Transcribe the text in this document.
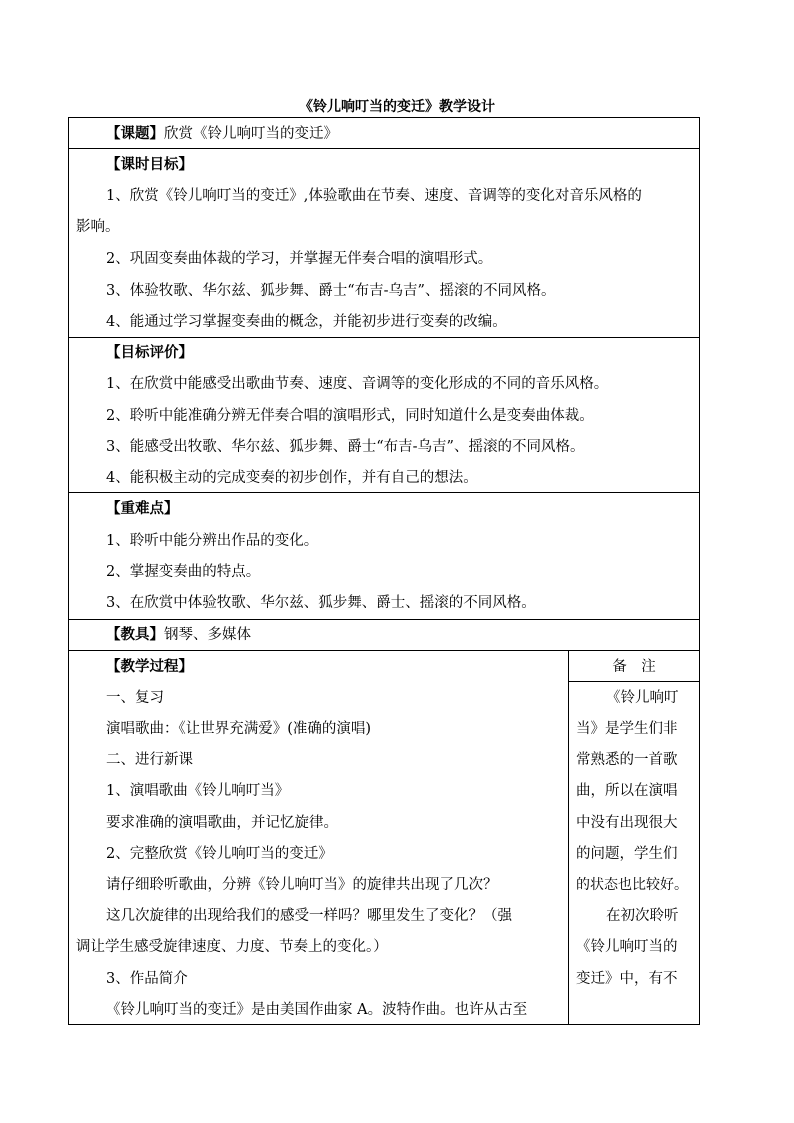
《铃儿响叮当的变迁》教学设计
【课题】欣赏《铃儿响叮当的变迁》
【课时目标】
1、欣赏《铃儿响叮当的变迁》,体验歌曲在节奏、速度、音调等的变化对音乐风格的
影响。
2、巩固变奏曲体裁的学习，并掌握无伴奏合唱的演唱形式。
3、体验牧歌、华尔兹、狐步舞、爵士“布吉-乌吉”、摇滚的不同风格。
4、能通过学习掌握变奏曲的概念，并能初步进行变奏的改编。
【目标评价】
1、在欣赏中能感受出歌曲节奏、速度、音调等的变化形成的不同的音乐风格。
2、聆听中能准确分辨无伴奏合唱的演唱形式，同时知道什么是变奏曲体裁。
3、能感受出牧歌、华尔兹、狐步舞、爵士“布吉-乌吉”、摇滚的不同风格。
4、能积极主动的完成变奏的初步创作，并有自己的想法。
【重难点】
1、聆听中能分辨出作品的变化。
2、掌握变奏曲的特点。
3、在欣赏中体验牧歌、华尔兹、狐步舞、爵士、摇滚的不同风格。
【教具】钢琴、多媒体
【教学过程】
一、复习
演唱歌曲：《让世界充满爱》(准确的演唱)
二、进行新课
1、演唱歌曲《铃儿响叮当》
要求准确的演唱歌曲，并记忆旋律。
2、完整欣赏《铃儿响叮当的变迁》
请仔细聆听歌曲，分辨《铃儿响叮当》的旋律共出现了几次？
这几次旋律的出现给我们的感受一样吗？哪里发生了变化？（强
调让学生感受旋律速度、力度、节奏上的变化。）
3、作品简介
《铃儿响叮当的变迁》是由美国作曲家 A。波特作曲。也许从古至
备　注
《铃儿响叮
当》是学生们非
常熟悉的一首歌
曲，所以在演唱
中没有出现很大
的问题，学生们
的状态也比较好。
在初次聆听
《铃儿响叮当的
变迁》中，有不
